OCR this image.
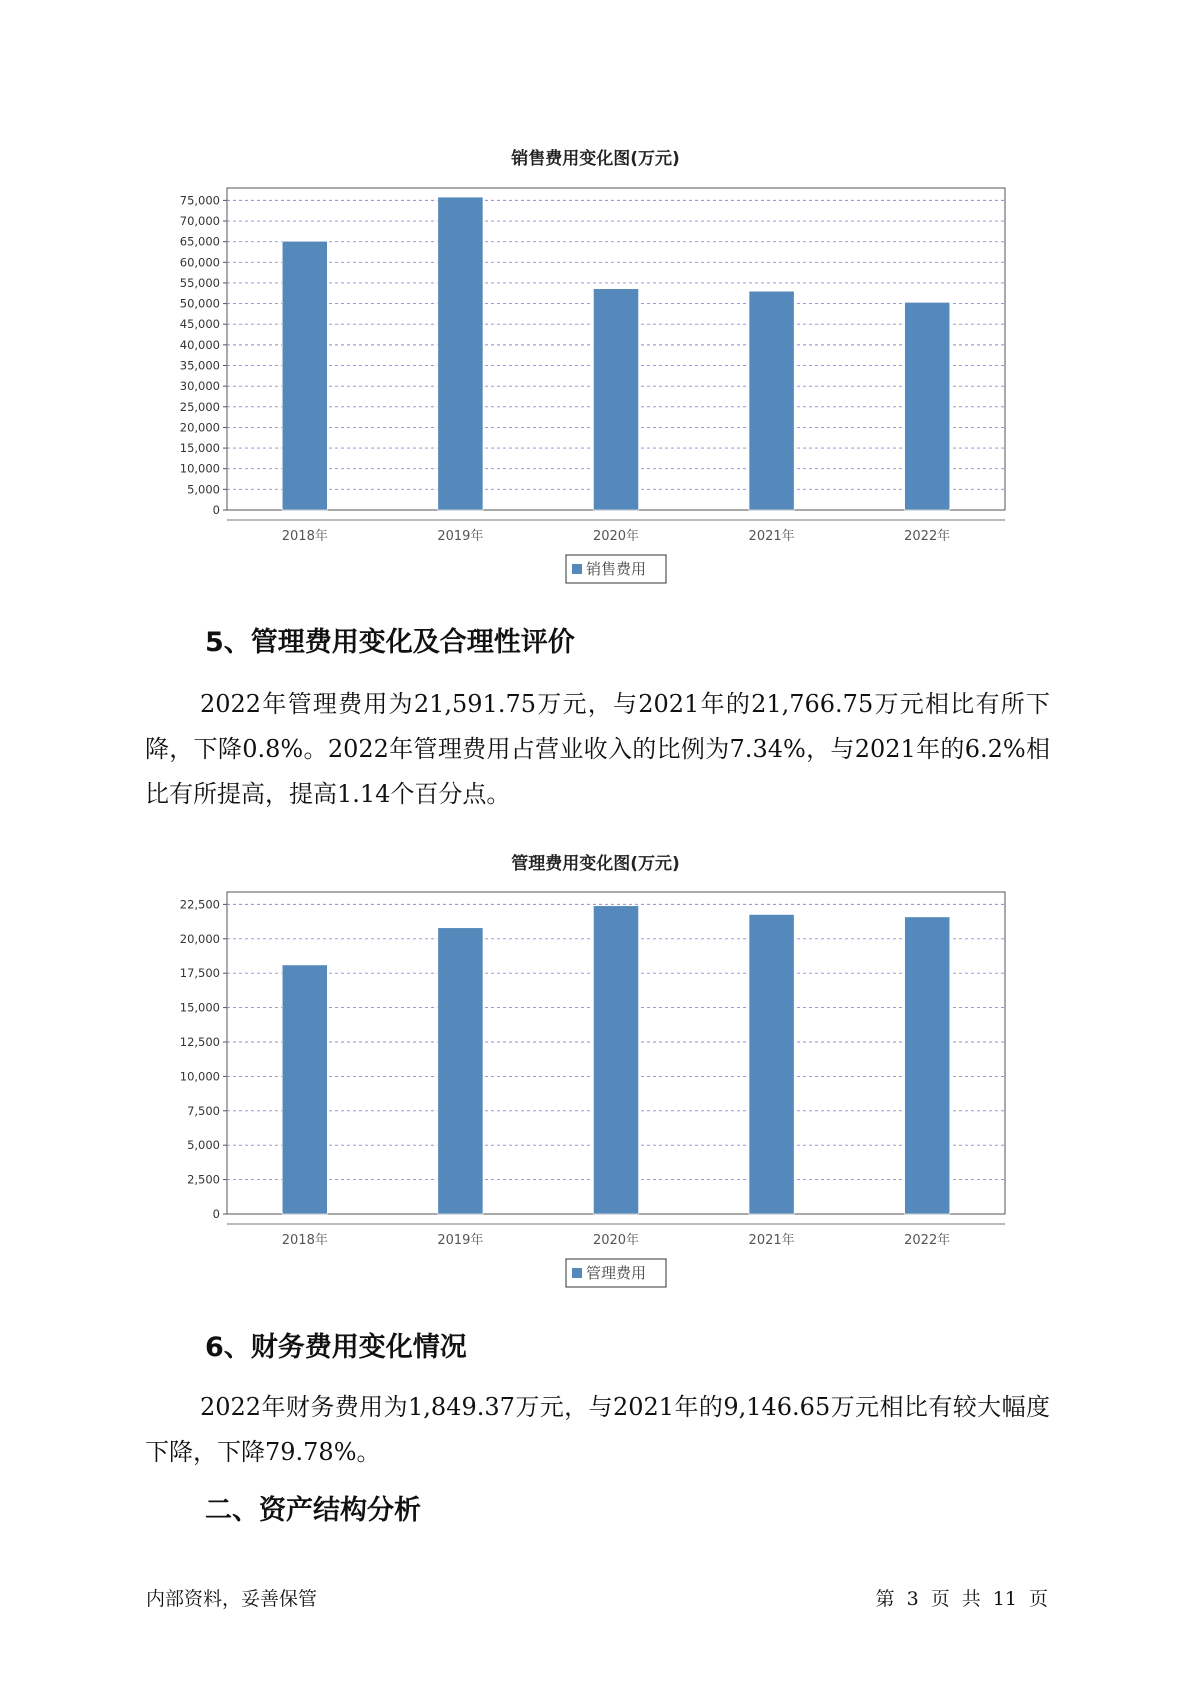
销售费用变化图(万元)
0
5,000
10,000
15,000
20,000
25,000
30,000
35,000
40,000
45,000
50,000
55,000
60,000
65,000
70,000
75,000
2018年	2019年	2020年	2021年	2022年
销售费用
5、管理费用变化及合理性评价

2022年管理费用为21,591.75万元，与2021年的21,766.75万元相比有所下降，下降0.8%。2022年管理费用占营业收入的比例为7.34%，与2021年的6.2%相比有所提高，提高1.14个百分点。

管理费用变化图(万元)
0
2,500
5,000
7,500
10,000
12,500
15,000
17,500
20,000
22,500
2018年	2019年	2020年	2021年	2022年
管理费用
6、财务费用变化情况

2022年财务费用为1,849.37万元，与2021年的9,146.65万元相比有较大幅度下降，下降79.78%。

二、资产结构分析
内部资料，妥善保管	第 3 页 共 11 页
